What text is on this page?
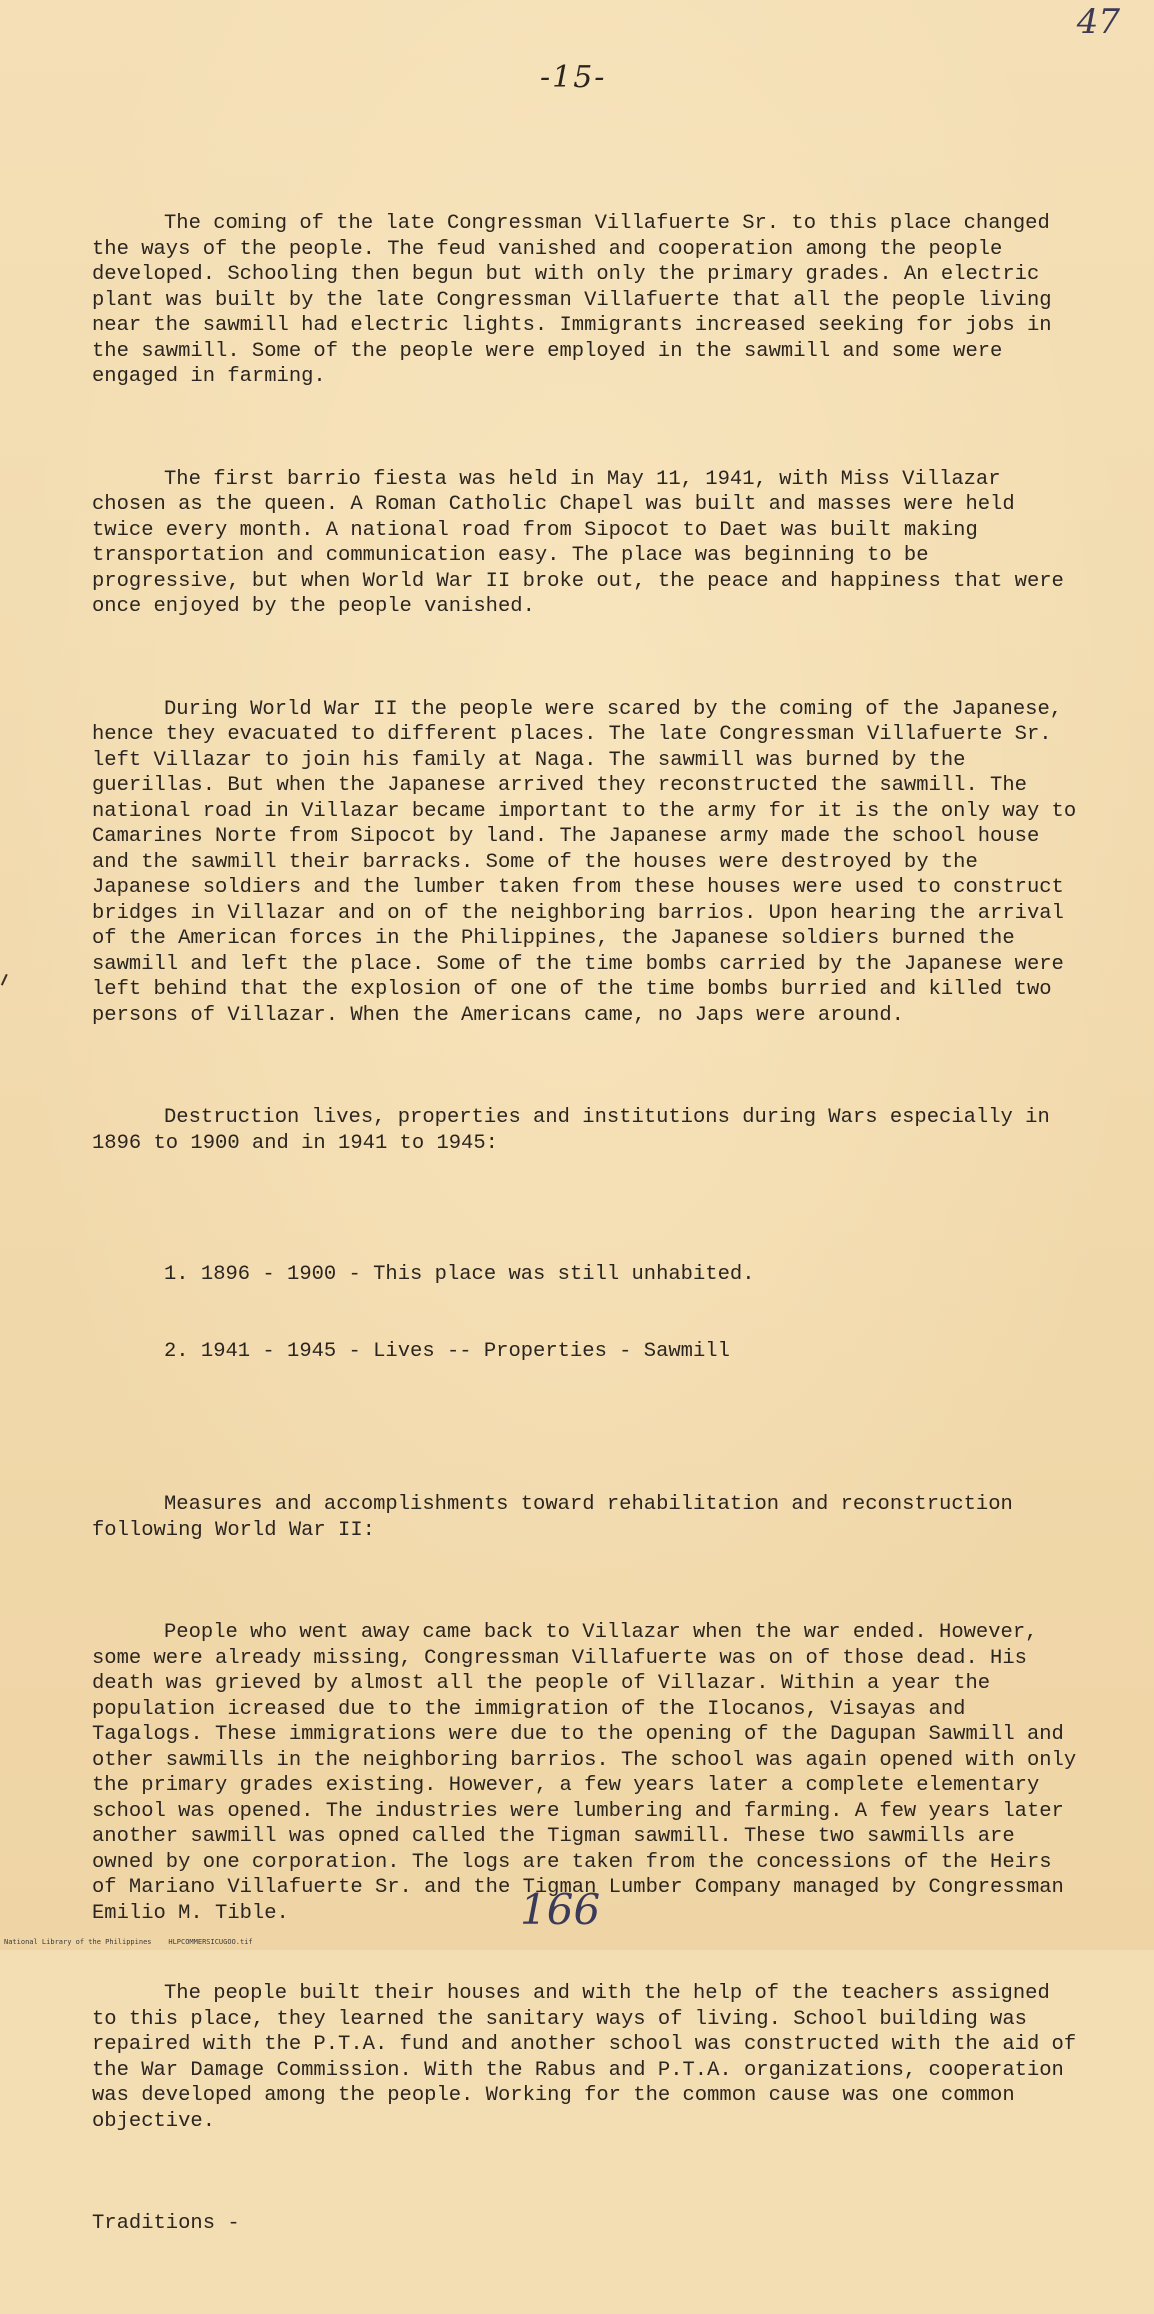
47
-15-

The coming of the late Congressman Villafuerte Sr. to this place changed the ways of the people. The feud vanished and cooperation among the people developed. Schooling then begun but with only the primary grades. An electric plant was built by the late Congressman Villafuerte that all the people living near the sawmill had electric lights. Immigrants increased seeking for jobs in the sawmill. Some of the people were employed in the sawmill and some were engaged in farming.

The first barrio fiesta was held in May 11, 1941, with Miss Villazar chosen as the queen. A Roman Catholic Chapel was built and masses were held twice every month. A national road from Sipocot to Daet was built making transportation and communication easy. The place was beginning to be progressive, but when World War II broke out, the peace and happiness that were once enjoyed by the people vanished.

During World War II the people were scared by the coming of the Japanese, hence they evacuated to different places. The late Congressman Villafuerte Sr. left Villazar to join his family at Naga. The sawmill was burned by the guerillas. But when the Japanese arrived they reconstructed the sawmill. The national road in Villazar became important to the army for it is the only way to Camarines Norte from Sipocot by land. The Japanese army made the school house and the sawmill their barracks. Some of the houses were destroyed by the Japanese soldiers and the lumber taken from these houses were used to construct bridges in Villazar and on of the neighboring barrios. Upon hearing the arrival of the American forces in the Philippines, the Japanese soldiers burned the sawmill and left the place. Some of the time bombs carried by the Japanese were left behind that the explosion of one of the time bombs burried and killed two persons of Villazar. When the Americans came, no Japs were around.

Destruction lives, properties and institutions during Wars especially in 1896 to 1900 and in 1941 to 1945:

1. 1896 - 1900 - This place was still unhabited.

2. 1941 - 1945 - Lives -- Properties - Sawmill

Measures and accomplishments toward rehabilitation and reconstruction following World War II:

People who went away came back to Villazar when the war ended. However, some were already missing, Congressman Villafuerte was on of those dead. His death was grieved by almost all the people of Villazar. Within a year the population icreased due to the immigration of the Ilocanos, Visayas and Tagalogs. These immigrations were due to the opening of the Dagupan Sawmill and other sawmills in the neighboring barrios. The school was again opened with only the primary grades existing. However, a few years later a complete elementary school was opened. The industries were lumbering and farming. A few years later another sawmill was opned called the Tigman sawmill. These two sawmills are owned by one corporation. The logs are taken from the concessions of the Heirs of Mariano Villafuerte Sr. and the Tigman Lumber Company managed by Congressman Emilio M. Tible.

The people built their houses and with the help of the teachers assigned to this place, they learned the sanitary ways of living. School building was repaired with the P.T.A. fund and another school was constructed with the aid of the War Damage Commission. With the Rabus and P.T.A. organizations, cooperation was developed among the people. Working for the common cause was one common objective.

Traditions -

166
National Library of the Philippines    HLPCOMMERSICUGOO.tif
